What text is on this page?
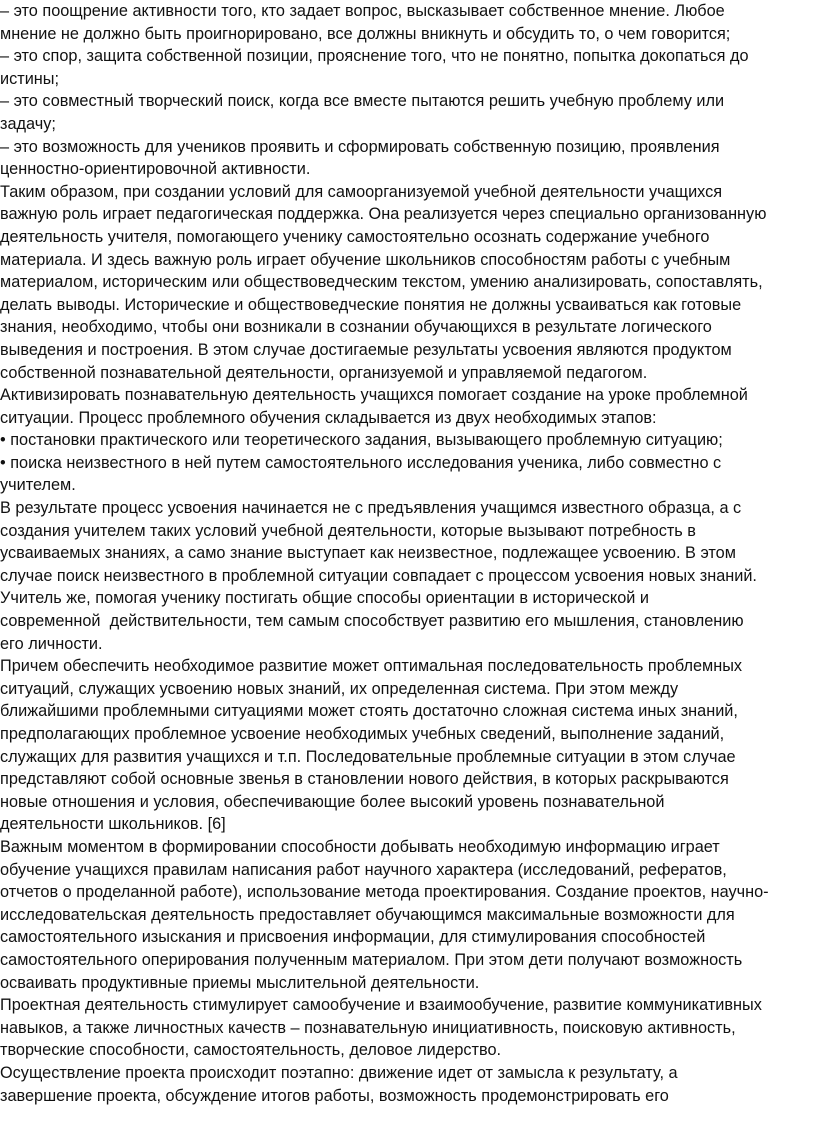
– это поощрение активности того, кто задает вопрос, высказывает собственное мнение. Любое
мнение не должно быть проигнорировано, все должны вникнуть и обсудить то, о чем говорится;
– это спор, защита собственной позиции, прояснение того, что не понятно, попытка докопаться до
истины;
– это совместный творческий поиск, когда все вместе пытаются решить учебную проблему или
задачу;
– это возможность для учеников проявить и сформировать собственную позицию, проявления
ценностно-ориентировочной активности.
Таким образом, при создании условий для самоорганизуемой учебной деятельности учащихся
важную роль играет педагогическая поддержка. Она реализуется через специально организованную
деятельность учителя, помогающего ученику самостоятельно осознать содержание учебного
материала. И здесь важную роль играет обучение школьников способностям работы с учебным
материалом, историческим или обществоведческим текстом, умению анализировать, сопоставлять,
делать выводы. Исторические и обществоведческие понятия не должны усваиваться как готовые
знания, необходимо, чтобы они возникали в сознании обучающихся в результате логического
выведения и построения. В этом случае достигаемые результаты усвоения являются продуктом
собственной познавательной деятельности, организуемой и управляемой педагогом.
Активизировать познавательную деятельность учащихся помогает создание на уроке проблемной
ситуации. Процесс проблемного обучения складывается из двух необходимых этапов:
• постановки практического или теоретического задания, вызывающего проблемную ситуацию;
• поиска неизвестного в ней путем самостоятельного исследования ученика, либо совместно с
учителем.
В результате процесс усвоения начинается не с предъявления учащимся известного образца, а с
создания учителем таких условий учебной деятельности, которые вызывают потребность в
усваиваемых знаниях, а само знание выступает как неизвестное, подлежащее усвоению. В этом
случае поиск неизвестного в проблемной ситуации совпадает с процессом усвоения новых знаний.
Учитель же, помогая ученику постигать общие способы ориентации в исторической и
современной  действительности, тем самым способствует развитию его мышления, становлению
его личности.
Причем обеспечить необходимое развитие может оптимальная последовательность проблемных
ситуаций, служащих усвоению новых знаний, их определенная система. При этом между
ближайшими проблемными ситуациями может стоять достаточно сложная система иных знаний,
предполагающих проблемное усвоение необходимых учебных сведений, выполнение заданий,
служащих для развития учащихся и т.п. Последовательные проблемные ситуации в этом случае
представляют собой основные звенья в становлении нового действия, в которых раскрываются
новые отношения и условия, обеспечивающие более высокий уровень познавательной
деятельности школьников. [6]
Важным моментом в формировании способности добывать необходимую информацию играет
обучение учащихся правилам написания работ научного характера (исследований, рефератов,
отчетов о проделанной работе), использование метода проектирования. Создание проектов, научно-
исследовательская деятельность предоставляет обучающимся максимальные возможности для
самостоятельного изыскания и присвоения информации, для стимулирования способностей
самостоятельного оперирования полученным материалом. При этом дети получают возможность
осваивать продуктивные приемы мыслительной деятельности.
Проектная деятельность стимулирует самообучение и взаимообучение, развитие коммуникативных
навыков, а также личностных качеств – познавательную инициативность, поисковую активность,
творческие способности, самостоятельность, деловое лидерство.
Осуществление проекта происходит поэтапно: движение идет от замысла к результату, а
завершение проекта, обсуждение итогов работы, возможность продемонстрировать его
